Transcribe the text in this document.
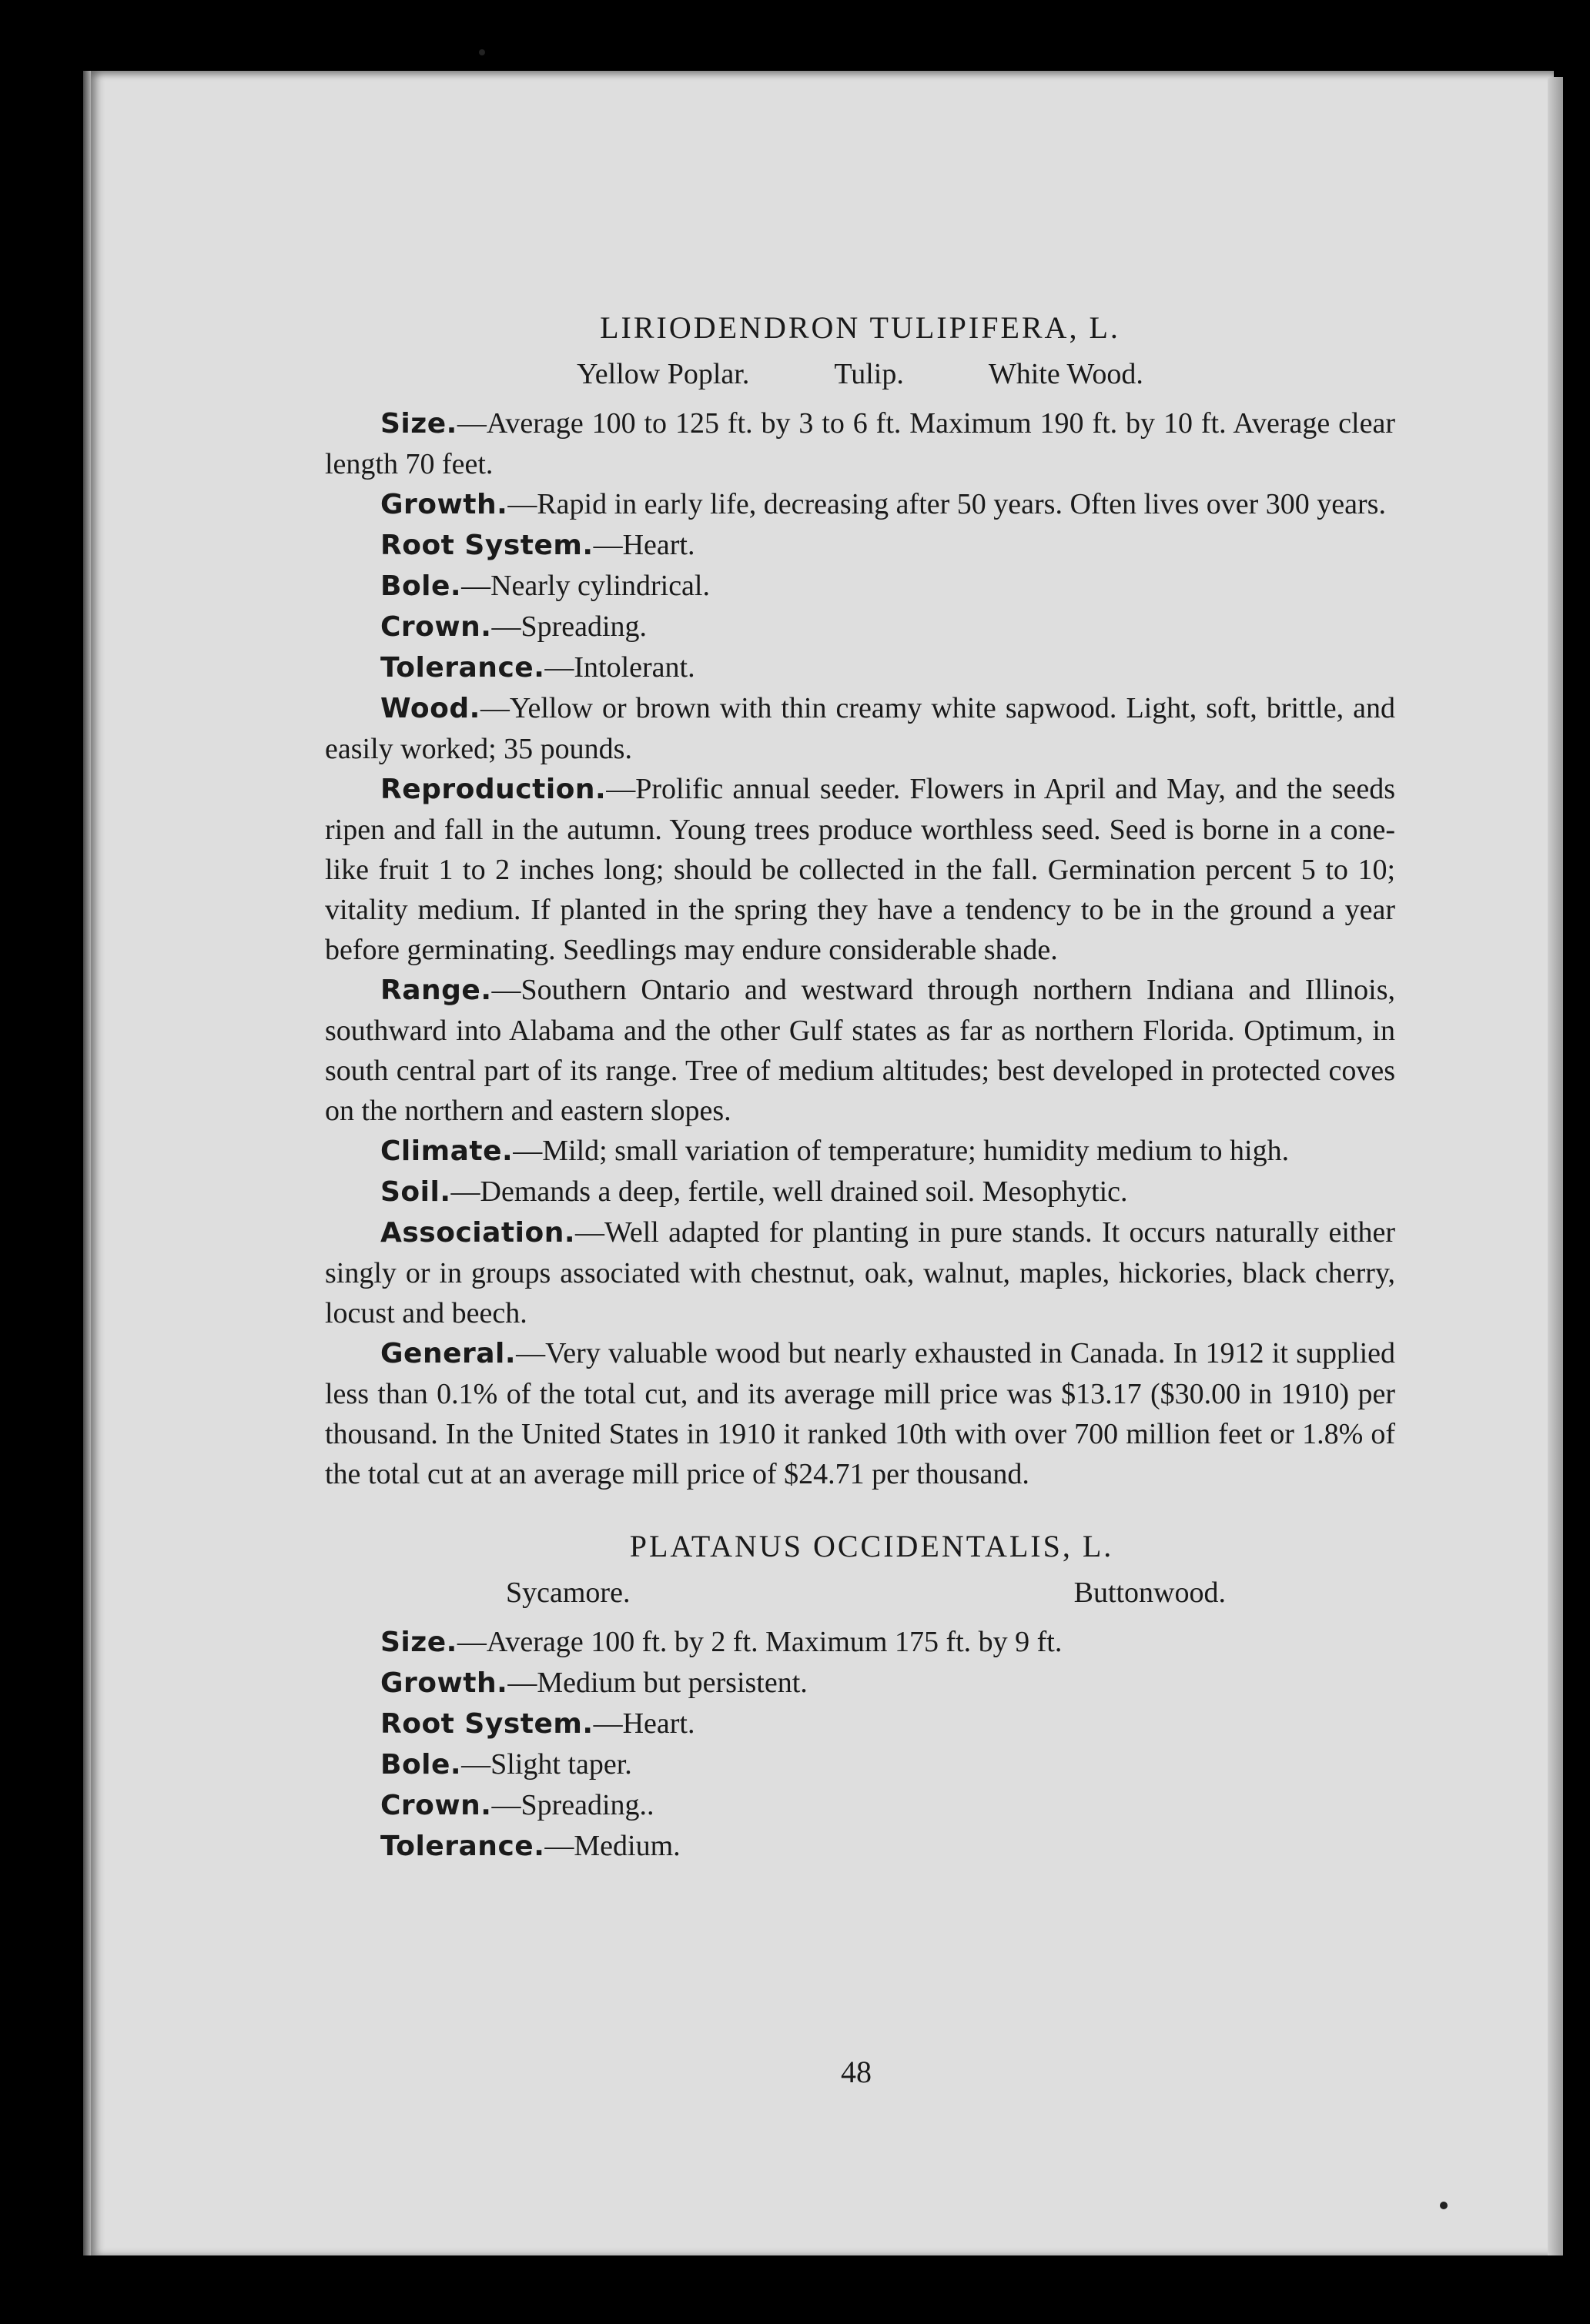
LIRIODENDRON TULIPIFERA, L.

Yellow Poplar.	Tulip.	White Wood.

Size.—Average 100 to 125 ft. by 3 to 6 ft. Maximum 190 ft. by 10 ft. Average clear length 70 feet.

Growth.—Rapid in early life, decreasing after 50 years. Often lives over 300 years.

Root System.—Heart.

Bole.—Nearly cylindrical.

Crown.—Spreading.

Tolerance.—Intolerant.

Wood.—Yellow or brown with thin creamy white sapwood. Light, soft, brittle, and easily worked; 35 pounds.

Reproduction.—Prolific annual seeder. Flowers in April and May, and the seeds ripen and fall in the autumn. Young trees produce worthless seed. Seed is borne in a cone-like fruit 1 to 2 inches long; should be collected in the fall. Germination percent 5 to 10; vitality medium. If planted in the spring they have a tendency to be in the ground a year before germinating. Seedlings may endure considerable shade.

Range.—Southern Ontario and westward through northern Indiana and Illinois, southward into Alabama and the other Gulf states as far as northern Florida. Optimum, in south central part of its range. Tree of medium altitudes; best developed in protected coves on the northern and eastern slopes.

Climate.—Mild; small variation of temperature; humidity medium to high.

Soil.—Demands a deep, fertile, well drained soil. Mesophytic.

Association.—Well adapted for planting in pure stands. It occurs naturally either singly or in groups associated with chestnut, oak, walnut, maples, hickories, black cherry, locust and beech.

General.—Very valuable wood but nearly exhausted in Canada. In 1912 it supplied less than 0.1% of the total cut, and its average mill price was $13.17 ($30.00 in 1910) per thousand. In the United States in 1910 it ranked 10th with over 700 million feet or 1.8% of the total cut at an average mill price of $24.71 per thousand.

PLATANUS OCCIDENTALIS, L.

Sycamore.	Buttonwood.

Size.—Average 100 ft. by 2 ft. Maximum 175 ft. by 9 ft.

Growth.—Medium but persistent.

Root System.—Heart.

Bole.—Slight taper.

Crown.—Spreading..

Tolerance.—Medium.

48
